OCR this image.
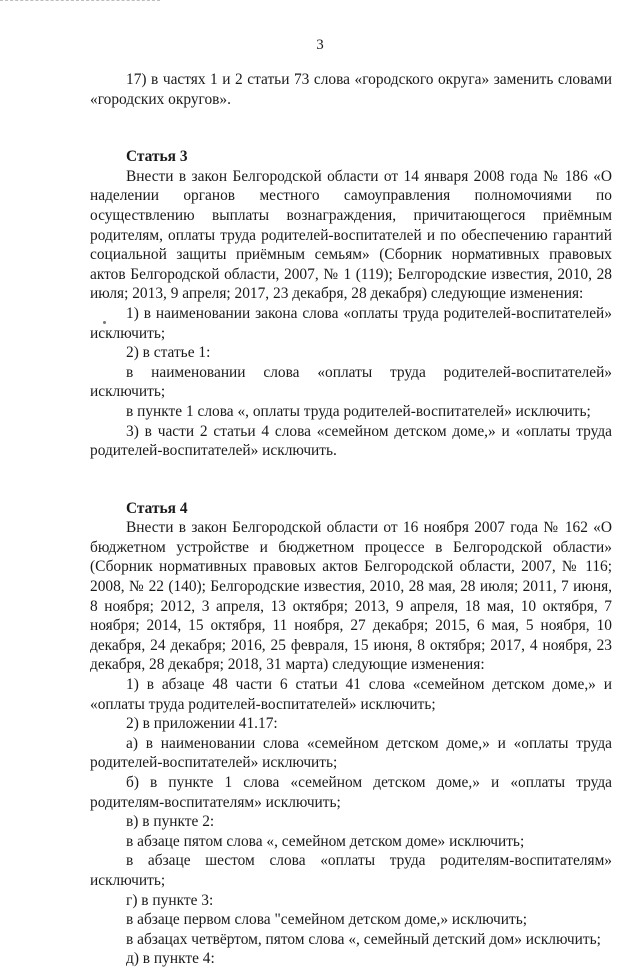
3

17) в частях 1 и 2 статьи 73 слова «городского округа» заменить словами «городских округов».

Статья 3

Внести в закон Белгородской области от 14 января 2008 года № 186 «О наделении органов местного самоуправления полномочиями по осуществлению выплаты вознаграждения, причитающегося приёмным родителям, оплаты труда родителей-воспитателей и по обеспечению гарантий социальной защиты приёмным семьям» (Сборник нормативных правовых актов Белгородской области, 2007, № 1 (119); Белгородские известия, 2010, 28 июля; 2013, 9 апреля; 2017, 23 декабря, 28 декабря) следующие изменения:

1) в наименовании закона слова «оплаты труда родителей-воспитателей» исключить;

2) в статье 1:

в наименовании слова «оплаты труда родителей-воспитателей» исключить;

в пункте 1 слова «, оплаты труда родителей-воспитателей» исключить;

3) в части 2 статьи 4 слова «семейном детском доме,» и «оплаты труда родителей-воспитателей» исключить.

Статья 4

Внести в закон Белгородской области от 16 ноября 2007 года № 162 «О бюджетном устройстве и бюджетном процессе в Белгородской области» (Сборник нормативных правовых актов Белгородской области, 2007, № 116; 2008, № 22 (140); Белгородские известия, 2010, 28 мая, 28 июля; 2011, 7 июня, 8 ноября; 2012, 3 апреля, 13 октября; 2013, 9 апреля, 18 мая, 10 октября, 7 ноября; 2014, 15 октября, 11 ноября, 27 декабря; 2015, 6 мая, 5 ноября, 10 декабря, 24 декабря; 2016, 25 февраля, 15 июня, 8 октября; 2017, 4 ноября, 23 декабря, 28 декабря; 2018, 31 марта) следующие изменения:

1) в абзаце 48 части 6 статьи 41 слова «семейном детском доме,» и «оплаты труда родителей-воспитателей» исключить;

2) в приложении 41.17:

а) в наименовании слова «семейном детском доме,» и «оплаты труда родителей-воспитателей» исключить;

б) в пункте 1 слова «семейном детском доме,» и «оплаты труда родителям-воспитателям» исключить;

в) в пункте 2:

в абзаце пятом слова «, семейном детском доме» исключить;

в абзаце шестом слова «оплаты труда родителям-воспитателям» исключить;

г) в пункте 3:

в абзаце первом слова "семейном детском доме,» исключить;

в абзацах четвёртом, пятом слова «, семейный детский дом» исключить;

д) в пункте 4:
